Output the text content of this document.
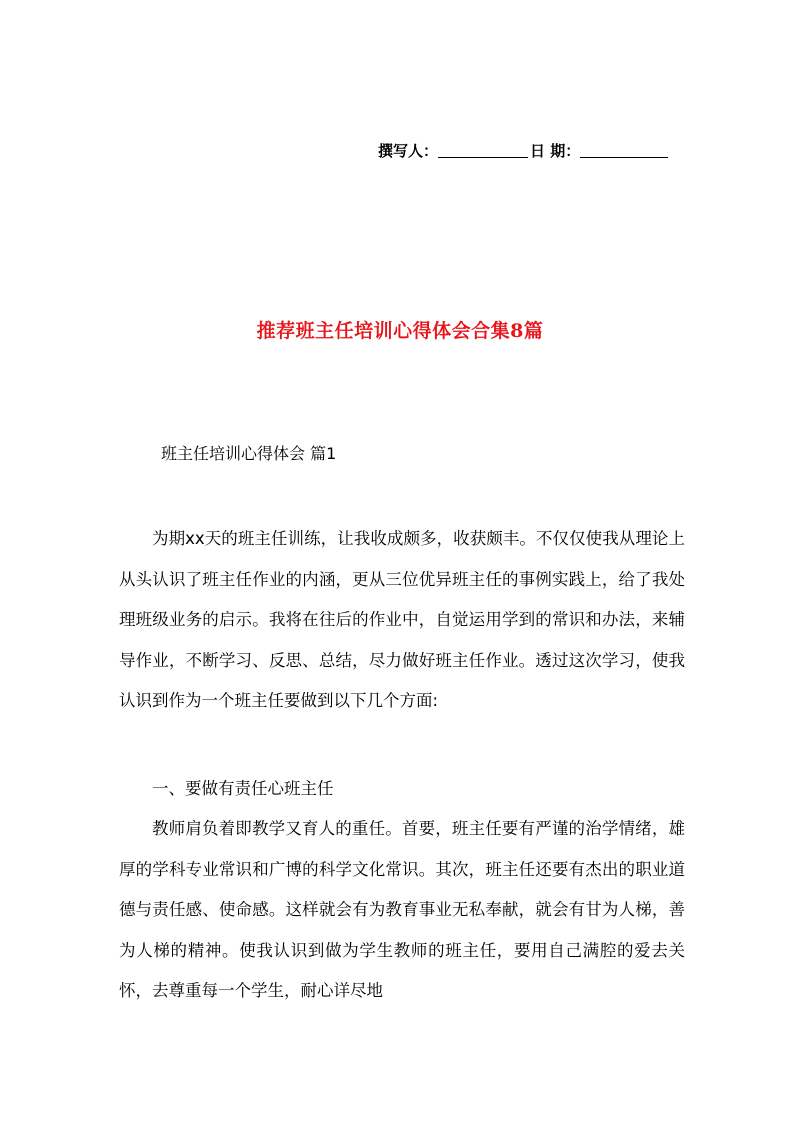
撰写人：	日 期：
推荐班主任培训心得体会合集8篇
班主任培训心得体会 篇1

为期xx天的班主任训练，让我收成颇多，收获颇丰。不仅仅使我从理论上从头认识了班主任作业的内涵，更从三位优异班主任的事例实践上，给了我处理班级业务的启示。我将在往后的作业中，自觉运用学到的常识和办法，来辅导作业，不断学习、反思、总结，尽力做好班主任作业。透过这次学习，使我认识到作为一个班主任要做到以下几个方面:

一、要做有责任心班主任

教师肩负着即教学又育人的重任。首要，班主任要有严谨的治学情绪，雄厚的学科专业常识和广博的科学文化常识。其次，班主任还要有杰出的职业道德与责任感、使命感。这样就会有为教育事业无私奉献，就会有甘为人梯，善为人梯的精神。使我认识到做为学生教师的班主任，要用自己满腔的爱去关怀，去尊重每一个学生，耐心详尽地
